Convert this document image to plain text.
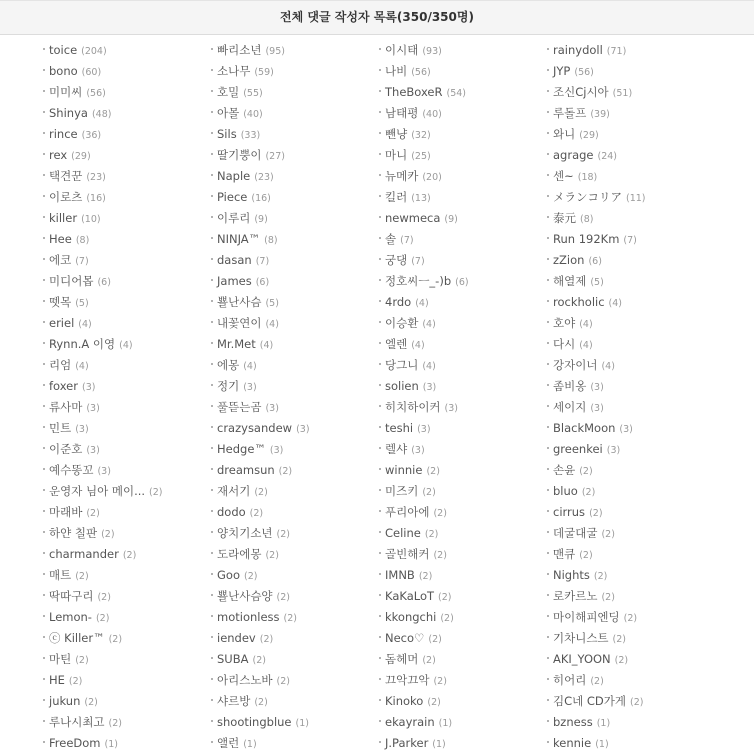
전체 댓글 작성자 목록(350/350명)
toice (204)
bono (60)
미미씨 (56)
Shinya (48)
rince (36)
rex (29)
택견꾼 (23)
이로츠 (16)
killer (10)
Hee (8)
에코 (7)
미디어몹 (6)
뗏목 (5)
eriel (4)
Rynn.A 이영 (4)
리엄 (4)
foxer (3)
류사마 (3)
민트 (3)
이준호 (3)
예수똥꼬 (3)
운영자 님아 메이... (2)
마래바 (2)
하얀 칠판 (2)
charmander (2)
매트 (2)
딱따구리 (2)
Lemon- (2)
ⓒ Killer™ (2)
마틴 (2)
HE (2)
jukun (2)
루나시최고 (2)
FreeDom (1)
빠리소년 (95)
소나무 (59)
호밀 (55)
아몰 (40)
Sils (33)
딸기뿡이 (27)
Naple (23)
Piece (16)
이루리 (9)
NINJA™ (8)
dasan (7)
James (6)
뾸난사슴 (5)
내꽃연이 (4)
Mr.Met (4)
에몽 (4)
정기 (3)
풀뜯는곰 (3)
crazysandew (3)
Hedge™ (3)
dreamsun (2)
재서기 (2)
dodo (2)
양치기소년 (2)
도라에몽 (2)
Goo (2)
뾸난사슴양 (2)
motionless (2)
iendev (2)
SUBA (2)
아리스노바 (2)
샤르방 (2)
shootingblue (1)
앨런 (1)
이시태 (93)
나비 (56)
TheBoxeR (54)
남태평 (40)
뺀냥 (32)
마니 (25)
뉴메카 (20)
킬러 (13)
newmeca (9)
솔 (7)
궁댕 (7)
정호씨ㅡ_-)b (6)
4rdo (4)
이승환 (4)
엘렌 (4)
당그니 (4)
solien (3)
히치하이커 (3)
teshi (3)
렐샤 (3)
winnie (2)
미즈키 (2)
푸리아에 (2)
Celine (2)
골빈해커 (2)
IMNB (2)
KaKaLoT (2)
kkongchi (2)
Neco♡ (2)
돔헤머 (2)
끄악끄악 (2)
Kinoko (2)
ekayrain (1)
J.Parker (1)
rainydoll (71)
JYP (56)
조신Cj시아 (51)
루돌프 (39)
와니 (29)
agrage (24)
센~ (18)
メランコリア (11)
泰元 (8)
Run 192Km (7)
zZion (6)
해열제 (5)
rockholic (4)
호야 (4)
다시 (4)
강자이너 (4)
좀비옹 (3)
세이지 (3)
BlackMoon (3)
greenkei (3)
손윤 (2)
bluo (2)
cirrus (2)
데굴대굴 (2)
맨큐 (2)
Nights (2)
로카르노 (2)
마이해피엔딩 (2)
기차니스트 (2)
AKI_YOON (2)
히어리 (2)
김C네 CD가게 (2)
bzness (1)
kennie (1)
